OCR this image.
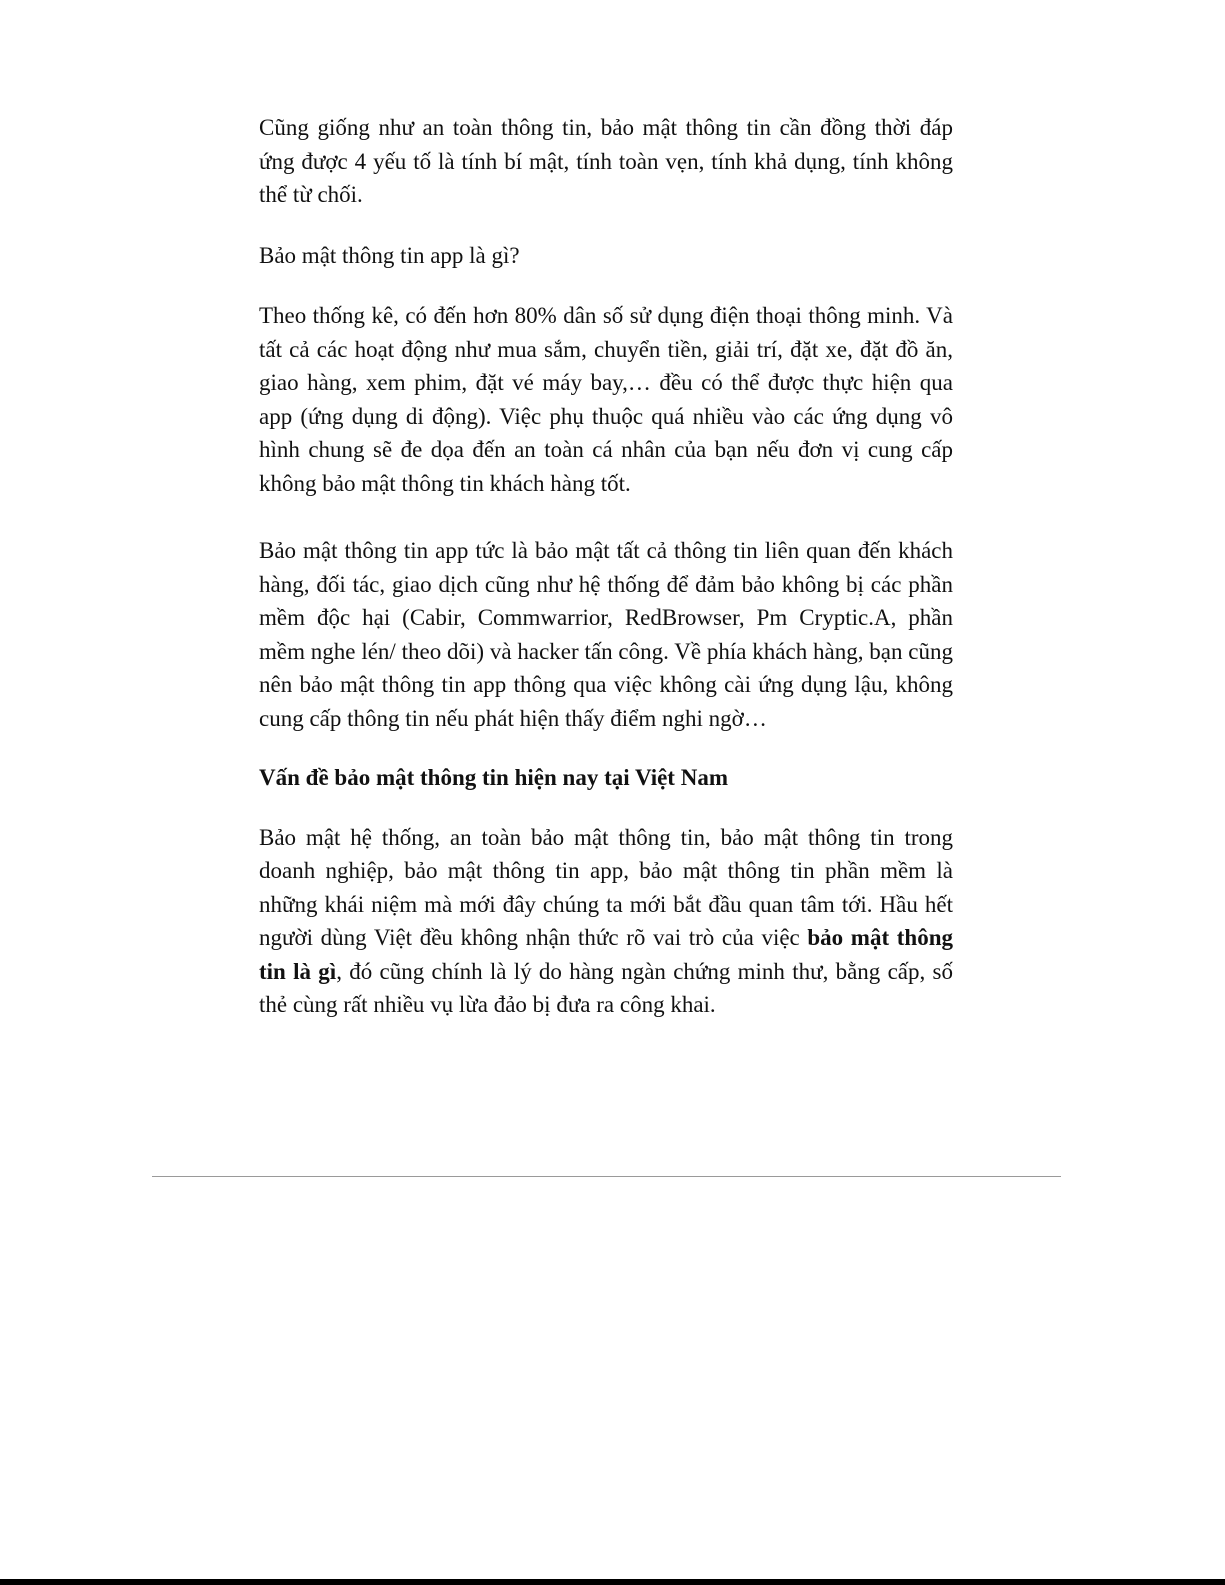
Cũng giống như an toàn thông tin, bảo mật thông tin cần đồng thời đáp ứng được 4 yếu tố là tính bí mật, tính toàn vẹn, tính khả dụng, tính không thể từ chối.

Bảo mật thông tin app là gì?

Theo thống kê, có đến hơn 80% dân số sử dụng điện thoại thông minh. Và tất cả các hoạt động như mua sắm, chuyển tiền, giải trí, đặt xe, đặt đồ ăn, giao hàng, xem phim, đặt vé máy bay,… đều có thể được thực hiện qua app (ứng dụng di động). Việc phụ thuộc quá nhiều vào các ứng dụng vô hình chung sẽ đe dọa đến an toàn cá nhân của bạn nếu đơn vị cung cấp không bảo mật thông tin khách hàng tốt.

Bảo mật thông tin app tức là bảo mật tất cả thông tin liên quan đến khách hàng, đối tác, giao dịch cũng như hệ thống để đảm bảo không bị các phần mềm độc hại (Cabir, Commwarrior, RedBrowser, Pm Cryptic.A, phần mềm nghe lén/ theo dõi) và hacker tấn công. Về phía khách hàng, bạn cũng nên bảo mật thông tin app thông qua việc không cài ứng dụng lậu, không cung cấp thông tin nếu phát hiện thấy điểm nghi ngờ…

Vấn đề bảo mật thông tin hiện nay tại Việt Nam

Bảo mật hệ thống, an toàn bảo mật thông tin, bảo mật thông tin trong doanh nghiệp, bảo mật thông tin app, bảo mật thông tin phần mềm là những khái niệm mà mới đây chúng ta mới bắt đầu quan tâm tới. Hầu hết người dùng Việt đều không nhận thức rõ vai trò của việc bảo mật thông tin là gì, đó cũng chính là lý do hàng ngàn chứng minh thư, bằng cấp, số thẻ cùng rất nhiều vụ lừa đảo bị đưa ra công khai.
